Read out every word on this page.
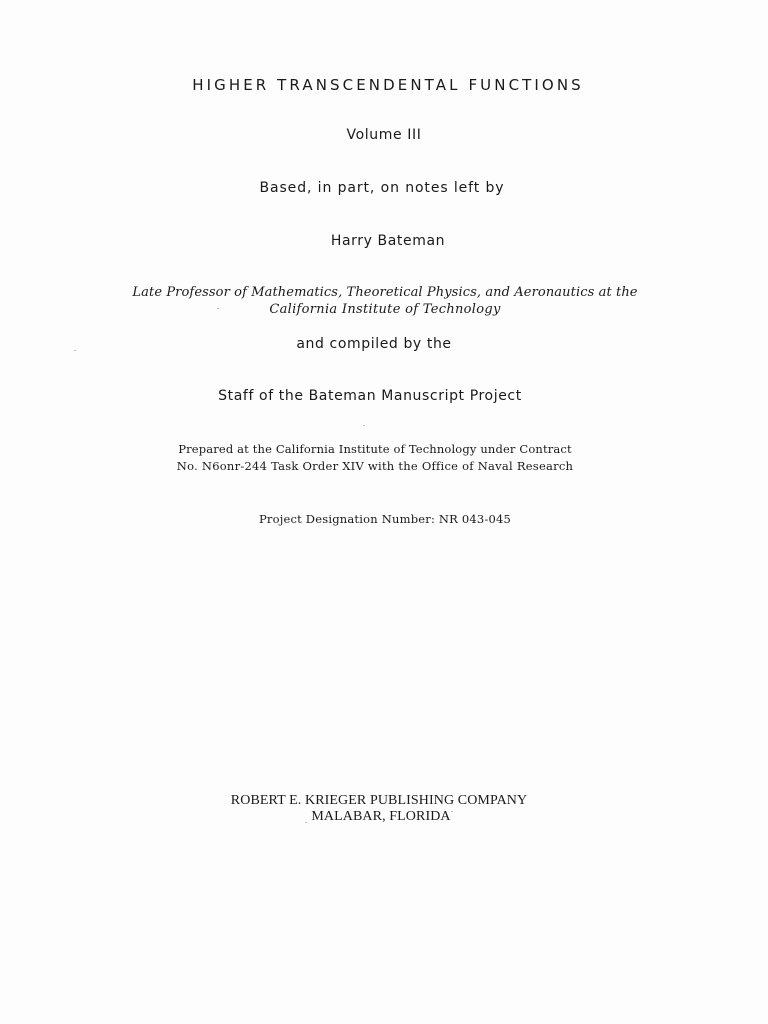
HIGHER TRANSCENDENTAL FUNCTIONS

Volume III

Based, in part, on notes left by

Harry Bateman

Late Professor of Mathematics, Theoretical Physics, and Aeronautics at the

California Institute of Technology

and compiled by the

Staff of the Bateman Manuscript Project

Prepared at the California Institute of Technology under Contract

No. N6onr-244 Task Order XIV with the Office of Naval Research

Project Designation Number: NR 043-045

ROBERT E. KRIEGER PUBLISHING COMPANY

MALABAR, FLORIDA
